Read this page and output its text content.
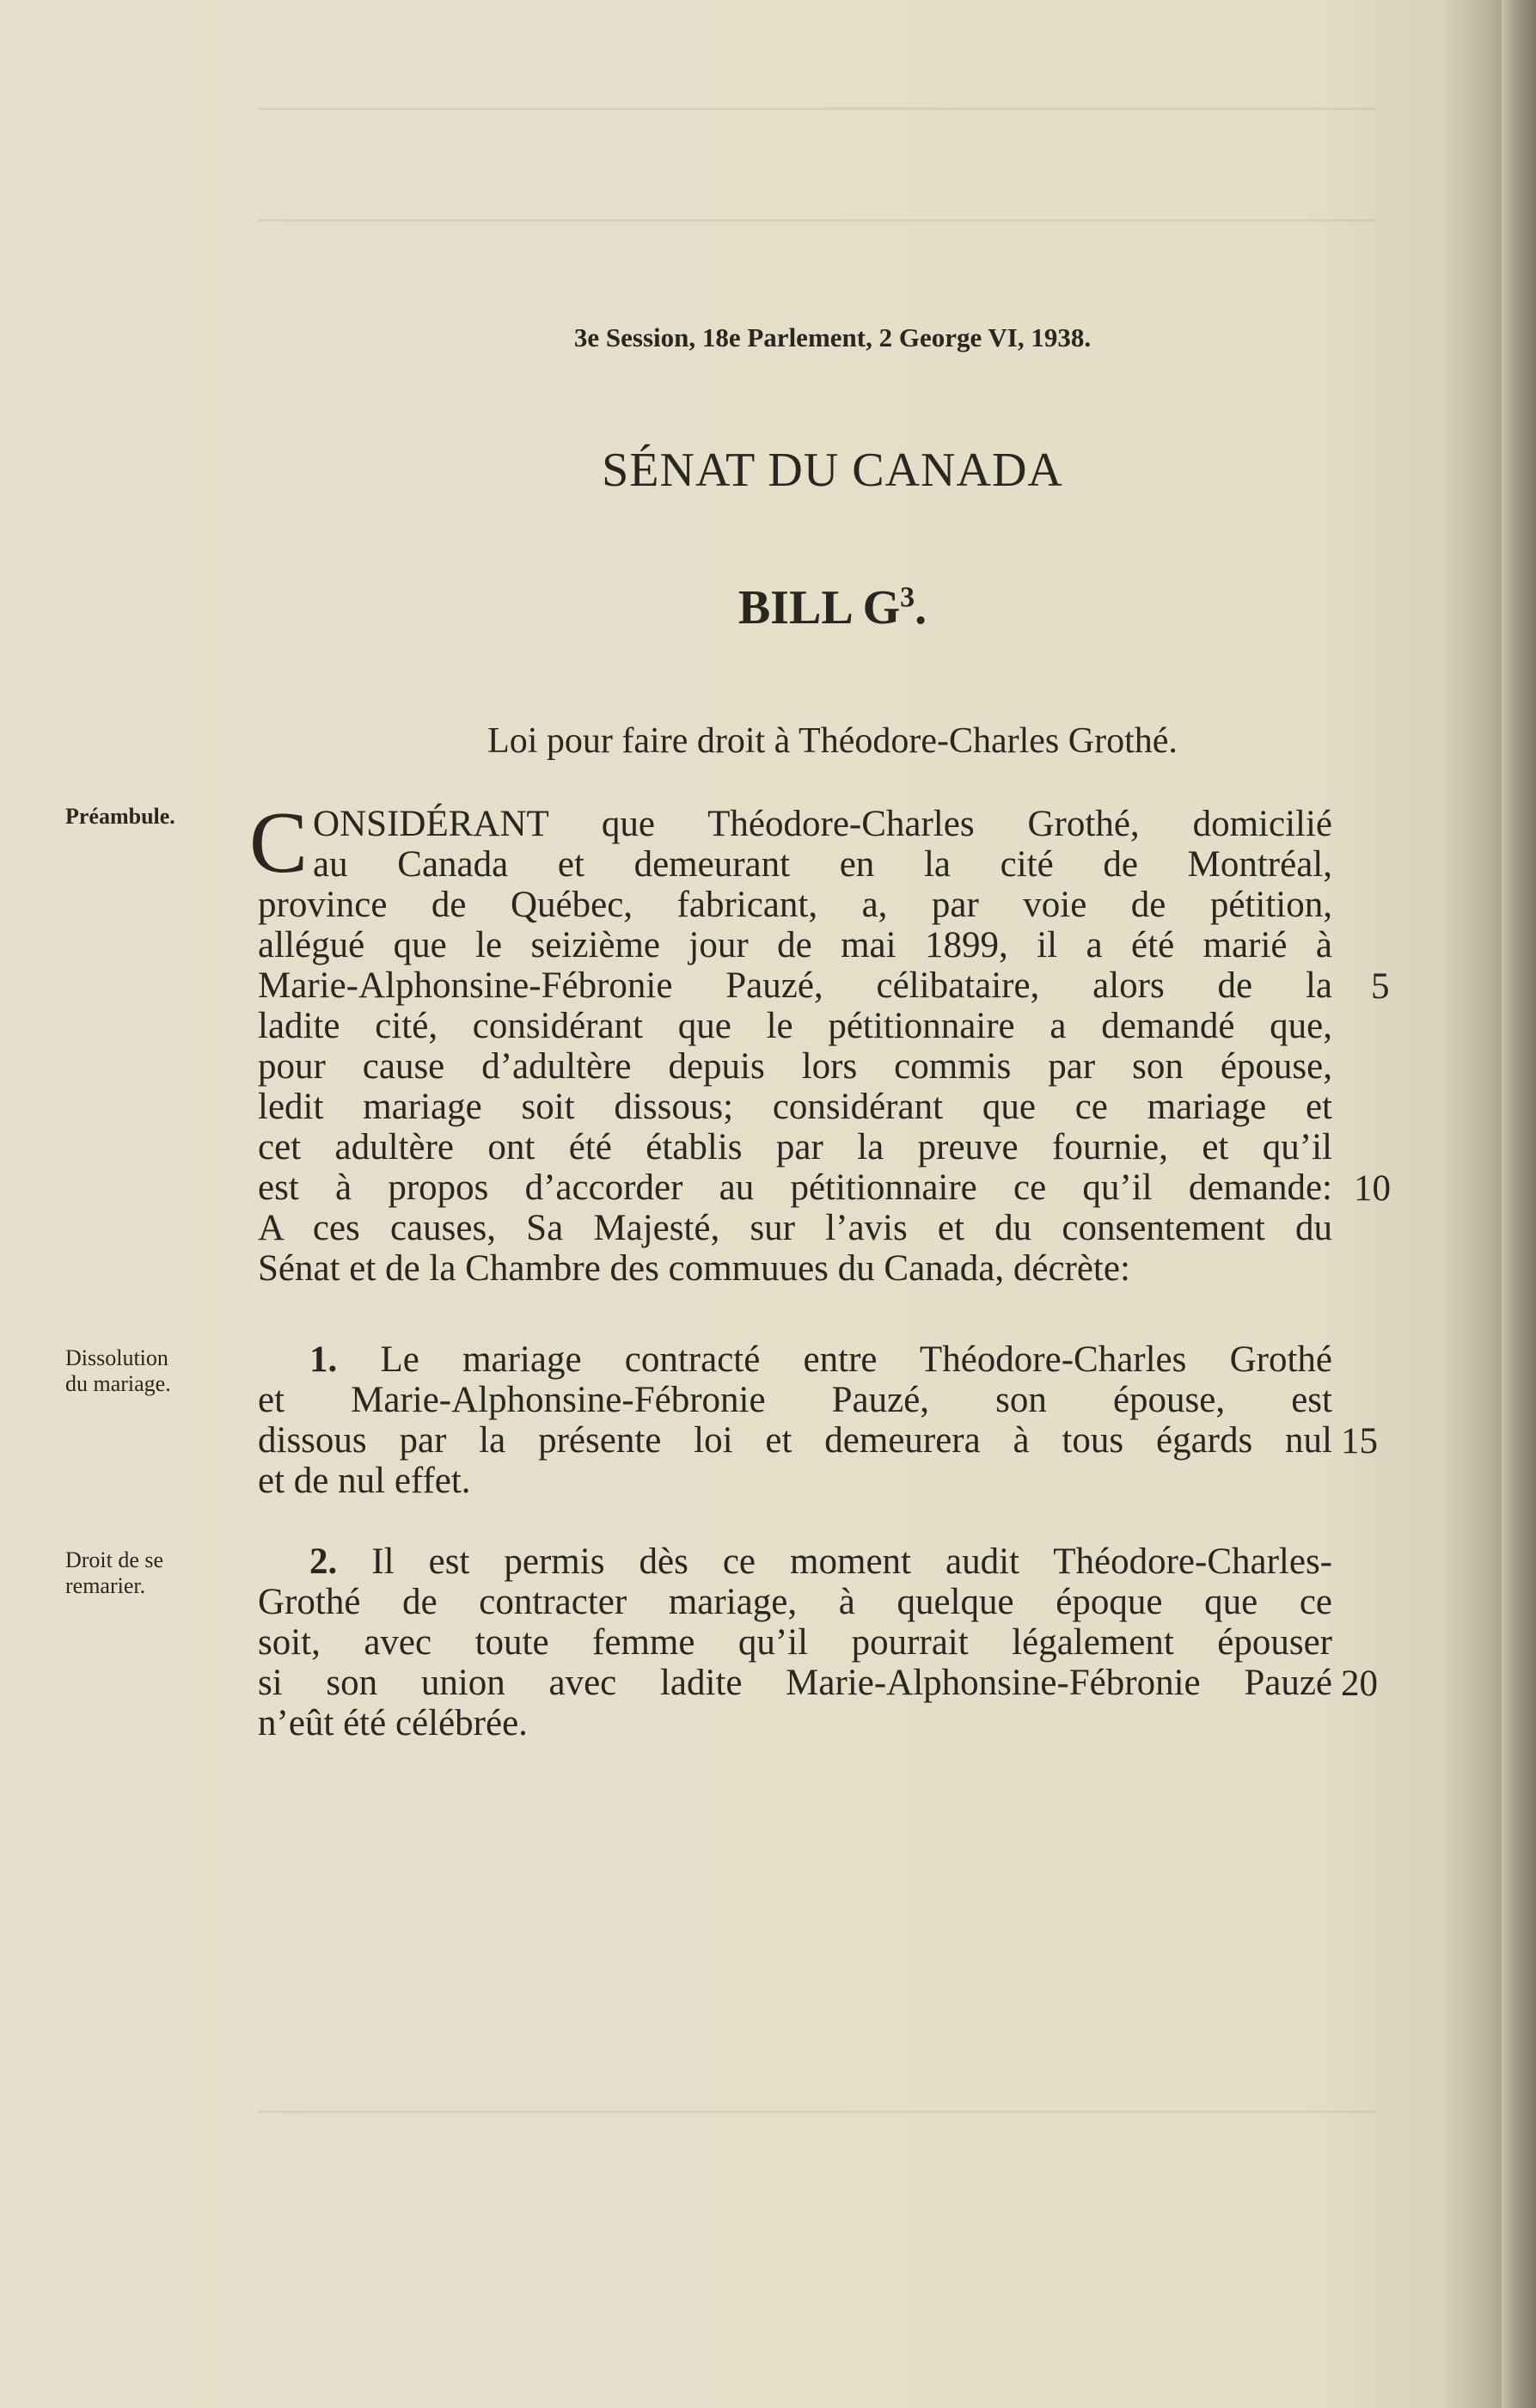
3e Session, 18e Parlement, 2 George VI, 1938.
SÉNAT DU CANADA
BILL $G^3$.
Loi pour faire droit à Théodore-Charles Grothé.
Préambule.
Dissolution
du mariage.
Droit de se
remarier.
C ONSIDÉRANT que Théodore-Charles Grothé, domicilié
au Canada et demeurant en la cité de Montréal,
province de Québec, fabricant, a, par voie de pétition,
allégué que le seizième jour de mai 1899, il a été marié à
Marie-Alphonsine-Fébronie Pauzé, célibataire, alors de la
ladite cité, considérant que le pétitionnaire a demandé que,
pour cause d’adultère depuis lors commis par son épouse,
ledit mariage soit dissous; considérant que ce mariage et
cet adultère ont été établis par la preuve fournie, et qu’il
est à propos d’accorder au pétitionnaire ce qu’il demande:
A ces causes, Sa Majesté, sur l’avis et du consentement du
Sénat et de la Chambre des commuues du Canada, décrète:
1. Le mariage contracté entre Théodore-Charles Grothé
et Marie-Alphonsine-Fébronie Pauzé, son épouse, est
dissous par la présente loi et demeurera à tous égards nul
et de nul effet.
2. Il est permis dès ce moment audit Théodore-Charles-
Grothé de contracter mariage, à quelque époque que ce
soit, avec toute femme qu’il pourrait légalement épouser
si son union avec ladite Marie-Alphonsine-Fébronie Pauzé
n’eût été célébrée.
5
10
15
20
